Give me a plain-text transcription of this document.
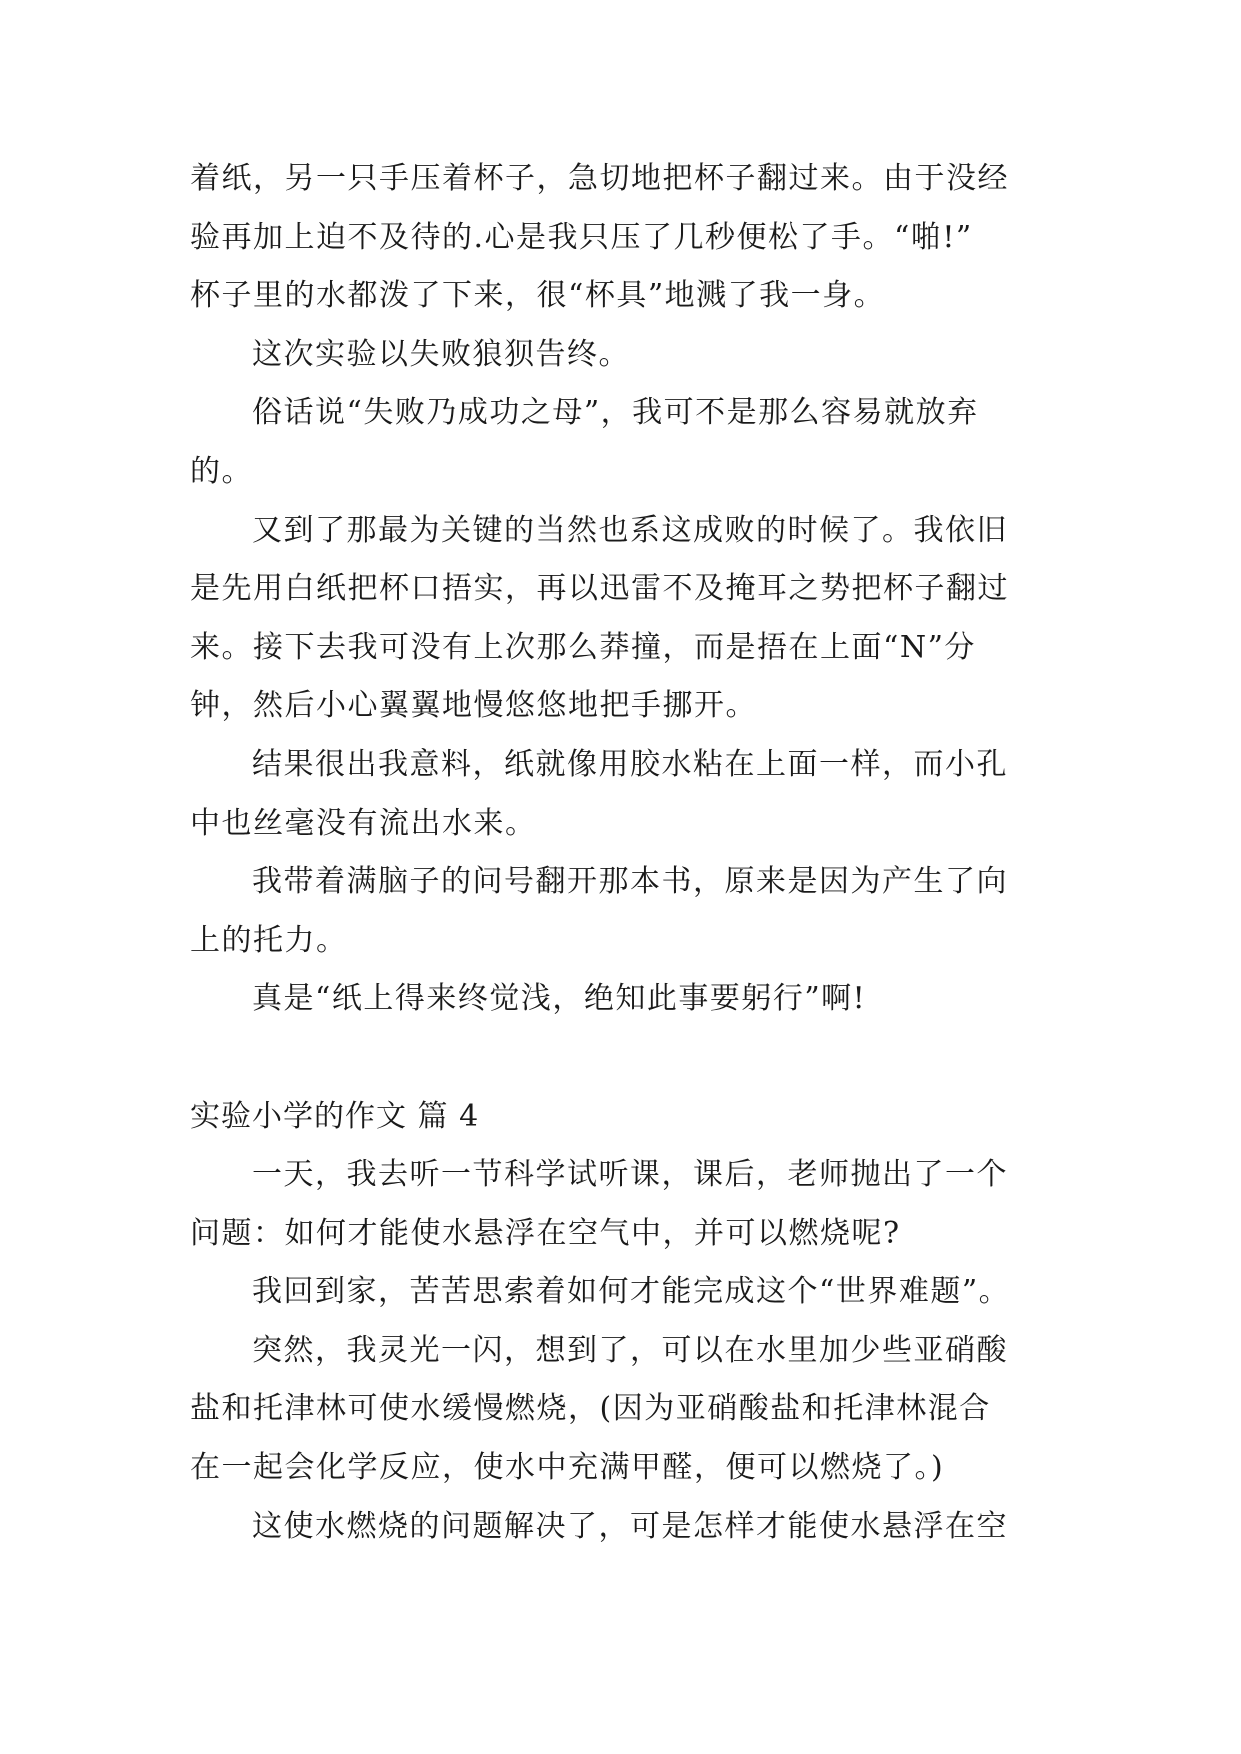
着纸，另一只手压着杯子，急切地把杯子翻过来。由于没经

验再加上迫不及待的.心是我只压了几秒便松了手。“啪!”

杯子里的水都泼了下来，很“杯具”地溅了我一身。

这次实验以失败狼狈告终。

俗话说“失败乃成功之母”，我可不是那么容易就放弃

的。

又到了那最为关键的当然也系这成败的时候了。我依旧

是先用白纸把杯口捂实，再以迅雷不及掩耳之势把杯子翻过

来。接下去我可没有上次那么莽撞，而是捂在上面“N”分

钟，然后小心翼翼地慢悠悠地把手挪开。

结果很出我意料，纸就像用胶水粘在上面一样，而小孔

中也丝毫没有流出水来。

我带着满脑子的问号翻开那本书，原来是因为产生了向

上的托力。

真是“纸上得来终觉浅，绝知此事要躬行”啊!

实验小学的作文 篇 4

一天，我去听一节科学试听课，课后，老师抛出了一个

问题：如何才能使水悬浮在空气中，并可以燃烧呢?

我回到家，苦苦思索着如何才能完成这个“世界难题”。

突然，我灵光一闪，想到了，可以在水里加少些亚硝酸

盐和托津林可使水缓慢燃烧，(因为亚硝酸盐和托津林混合

在一起会化学反应，使水中充满甲醛，便可以燃烧了。)

这使水燃烧的问题解决了，可是怎样才能使水悬浮在空
